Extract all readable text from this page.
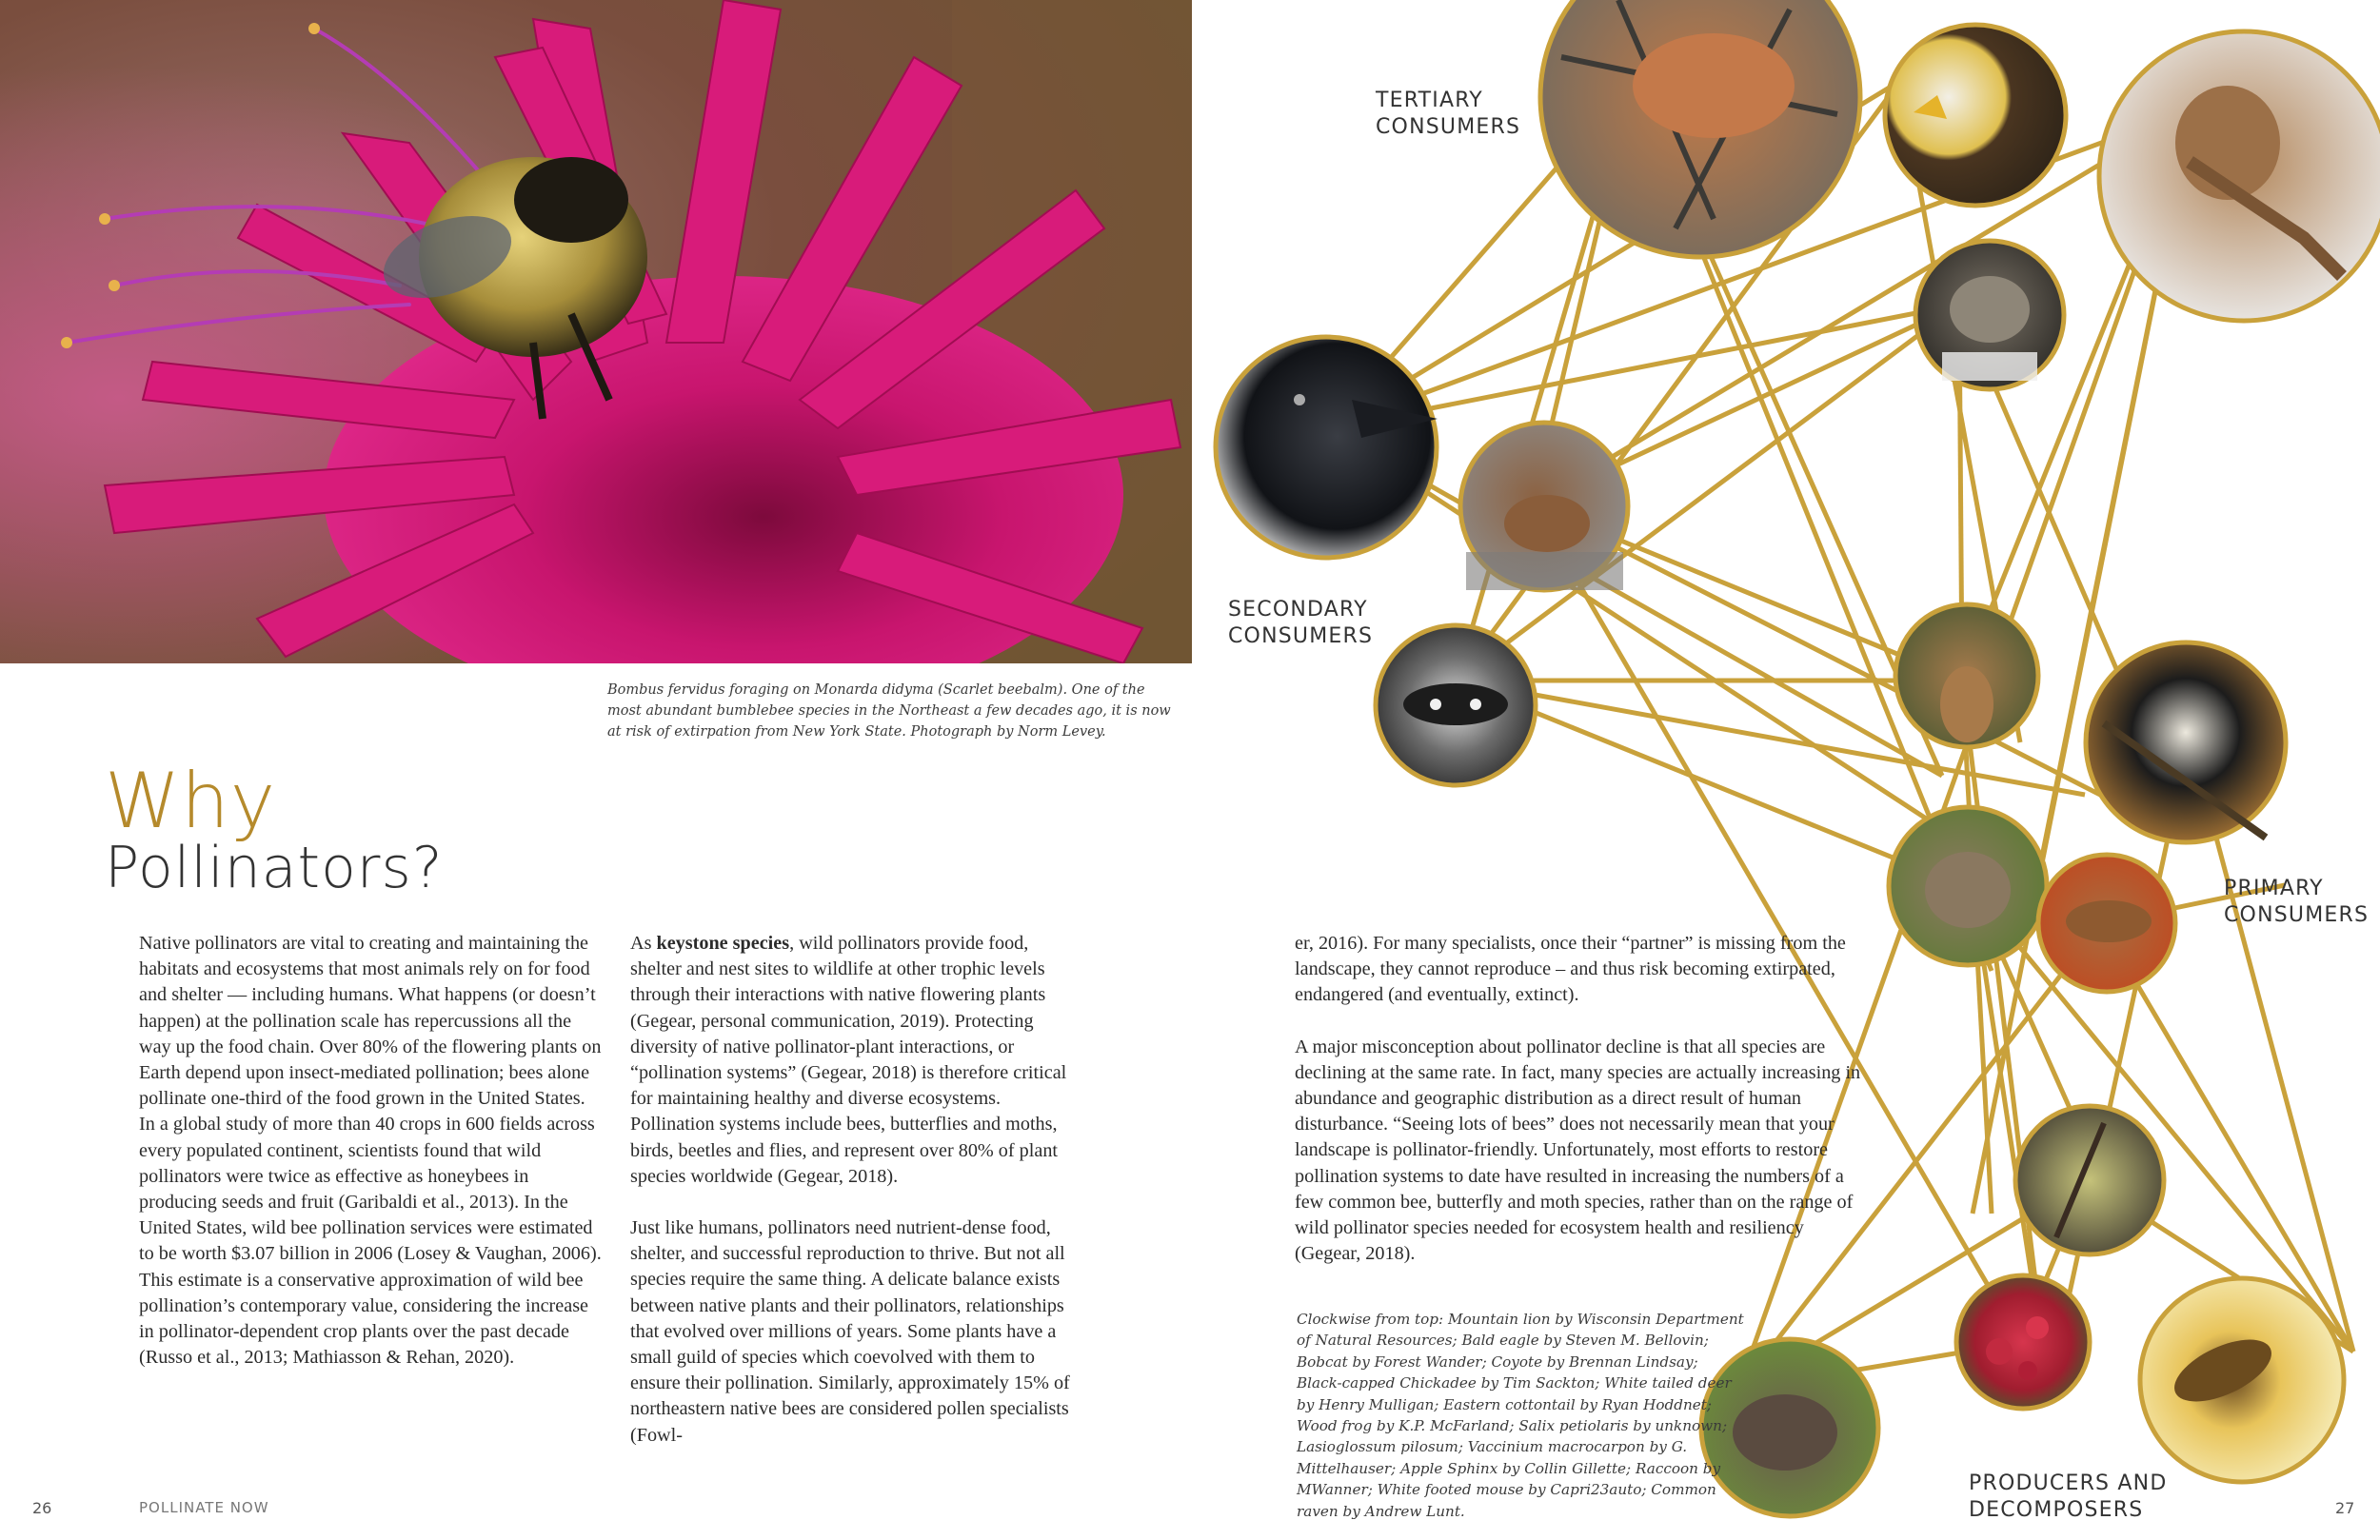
Bombus fervidus foraging on Monarda didyma (Scarlet beebalm). One of the most abundant bumblebee species in the Northeast a few decades ago, it is now at risk of extirpation from New York State. Photograph by Norm Levey.
Why
Pollinators?

Native pollinators are vital to creating and maintaining the habitats and ecosystems that most animals rely on for food and shelter — including humans. What happens (or doesn’t happen) at the pollination scale has repercussions all the way up the food chain. Over 80% of the flowering plants on Earth depend upon insect-mediated pollination; bees alone pollinate one-third of the food grown in the United States. In a global study of more than 40 crops in 600 fields across every populated continent, scientists found that wild pollinators were twice as effective as honeybees in producing seeds and fruit (Garibaldi et al., 2013). In the United States, wild bee pollination services were estimated to be worth $3.07 billion in 2006 (Losey & Vaughan, 2006). This estimate is a conservative approximation of wild bee pollination’s contemporary value, considering the increase in pollinator-dependent crop plants over the past decade (Russo et al., 2013; Mathiasson & Rehan, 2020).

As keystone species, wild pollinators provide food, shelter and nest sites to wildlife at other trophic levels through their interactions with native flowering plants (Gegear, personal communication, 2019). Protecting diversity of native pollinator-plant interactions, or “pollination systems” (Gegear, 2018) is therefore critical for maintaining healthy and diverse ecosystems. Pollination systems include bees, butterflies and moths, birds, beetles and flies, and represent over 80% of plant species worldwide (Gegear, 2018).

Just like humans, pollinators need nutrient-dense food, shelter, and successful reproduction to thrive. But not all species require the same thing. A delicate balance exists between native plants and their pollinators, relationships that evolved over millions of years. Some plants have a small guild of species which coevolved with them to ensure their pollination. Similarly, approximately 15% of northeastern native bees are considered pollen specialists (Fowl-

26	POLLINATE NOW
TERTIARY
CONSUMERS
SECONDARY
CONSUMERS
PRIMARY
CONSUMERS
PRODUCERS AND
DECOMPOSERS

er, 2016). For many specialists, once their “partner” is missing from the landscape, they cannot reproduce – and thus risk becoming extirpated, endangered (and eventually, extinct).

A major misconception about pollinator decline is that all species are declining at the same rate. In fact, many species are actually increasing in abundance and geographic distribution as a direct result of human disturbance. “Seeing lots of bees” does not necessarily mean that your landscape is pollinator-friendly. Unfortunately, most efforts to restore pollination systems to date have resulted in increasing the numbers of a few common bee, butterfly and moth species, rather than on the range of wild pollinator species needed for ecosystem health and resiliency (Gegear, 2018).

Clockwise from top: Mountain lion by Wisconsin Department of Natural Resources; Bald eagle by Steven M. Bellovin; Bobcat by Forest Wander; Coyote by Brennan Lindsay; Black-capped Chickadee by Tim Sackton; White tailed deer by Henry Mulligan; Eastern cottontail by Ryan Hoddnet; Wood frog by K.P. McFarland; Salix petiolaris by unknown; Lasioglossum pilosum; Vaccinium macrocarpon by G. Mittelhauser; Apple Sphinx by Collin Gillette; Raccoon by MWanner; White footed mouse by Capri23auto; Common raven by Andrew Lunt.	27
